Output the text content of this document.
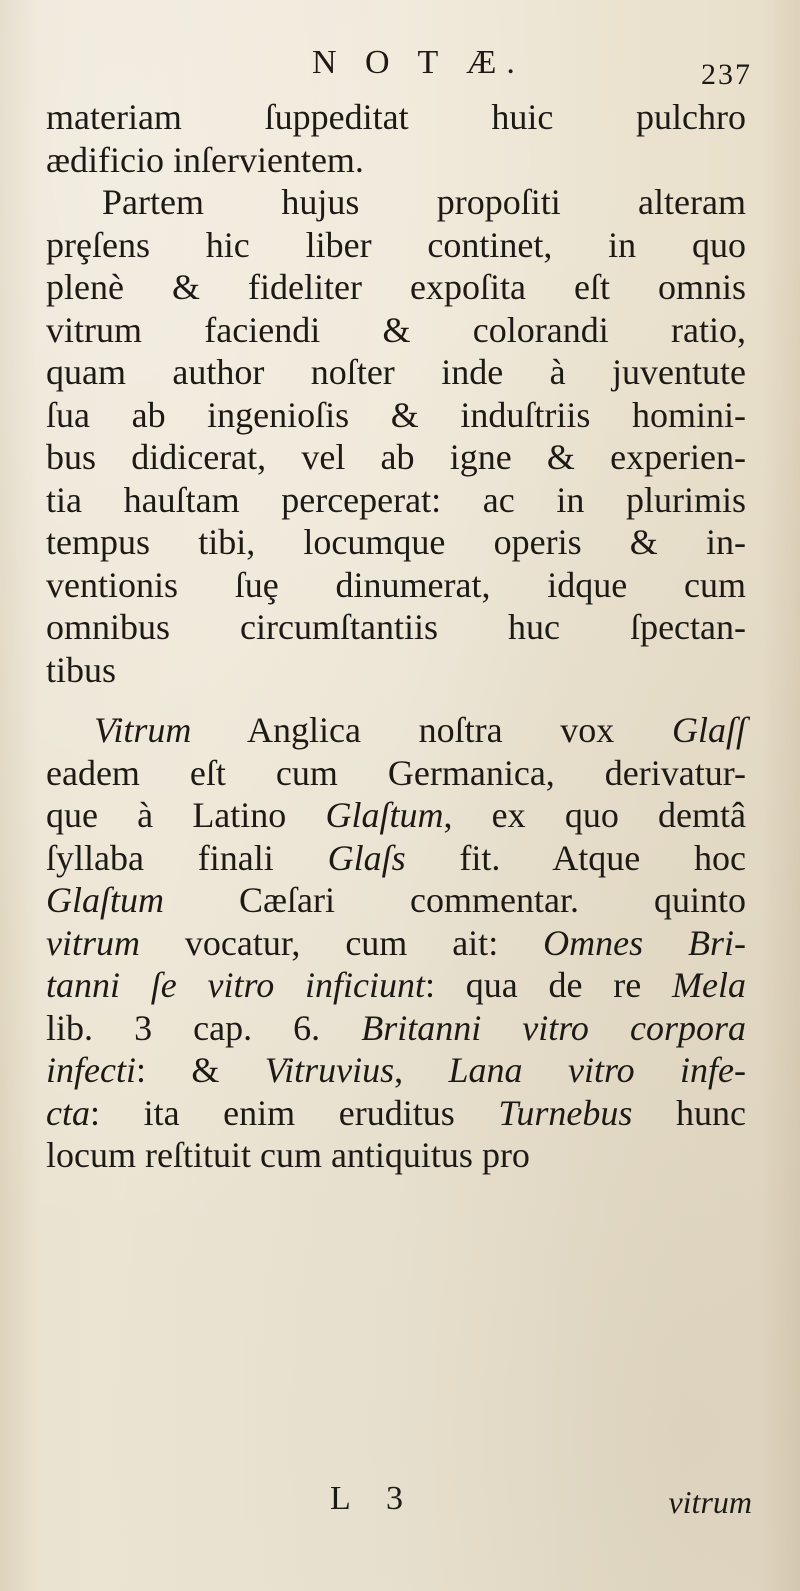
N O T Æ.	237
materiam ſuppeditat huic pulchro
ædificio inſervientem.
Partem hujus propoſiti alteram
prȩſens hic liber continet, in quo
plenè & fideliter expoſita eſt omnis
vitrum faciendi & colorandi ratio,
quam author noſter inde à juventute
ſua ab ingenioſis & induſtriis homini-
bus didicerat, vel ab igne & experien-
tia hauſtam perceperat: ac in plurimis
tempus tibi, locumque operis & in-
ventionis ſuȩ dinumerat, idque cum
omnibus circumſtantiis huc ſpectan-
tibus
Vitrum Anglica noſtra vox Glaſſ
eadem eſt cum Germanica, derivatur-
que à Latino Glaſtum, ex quo demtâ
ſyllaba finali Glaſs fit. Atque hoc
Glaſtum Cæſari commentar. quinto
vitrum vocatur, cum ait: Omnes Bri-
tanni ſe vitro inficiunt: qua de re Mela
lib. 3 cap. 6. Britanni vitro corpora
infecti: & Vitruvius, Lana vitro infe-
cta: ita enim eruditus Turnebus hunc
locum reſtituit cum antiquitus pro
L 3	vitrum
